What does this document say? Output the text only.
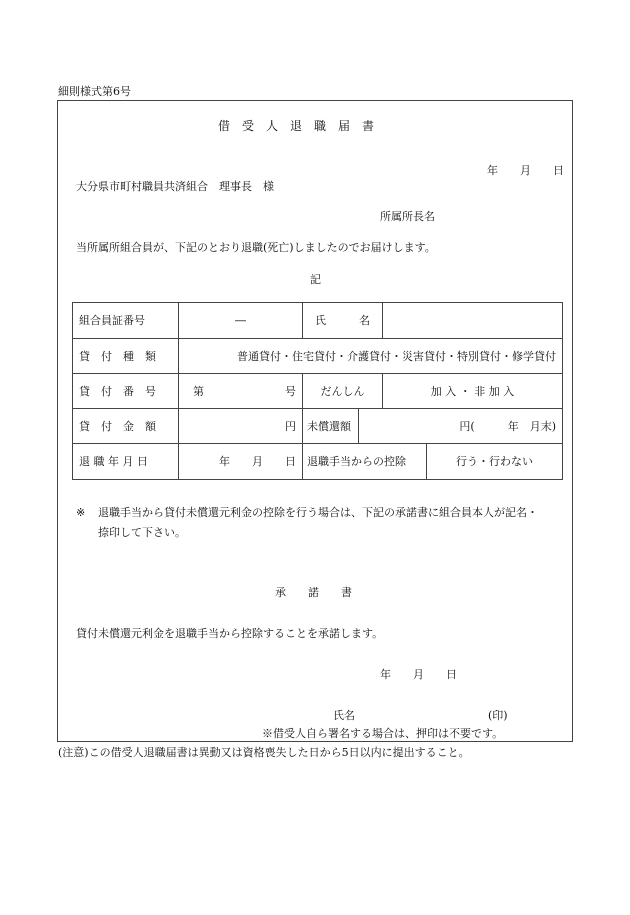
細則様式第6号
借　受　人　退　職　届　書
年　　月　　日
大分県市町村職員共済組合　理事長　様
所属所長名
当所属所組合員が、下記のとおり退職(死亡)しましたのでお届けします。
記
組合員証番号	―	氏　　　名			
貸　付　種　類	普通貸付・住宅貸付・介護貸付・災害貸付・特別貸付・修学貸付				
貸　付　番　号	第 号	だんしん		加 入 ・ 非 加 入	
貸　付　金　額	円	未償還額	円(　　　年　月末)		
退 職 年 月 日	年　　月　　日	退職手当からの控除			行う・行わない
※ 退職手当から貸付未償還元利金の控除を行う場合は、下記の承諾書に組合員本人が記名・
捺印して下さい。
承　　諾　　書
貸付未償還元利金を退職手当から控除することを承諾します。
年　　月　　日
氏名	(印)
※借受人自ら署名する場合は、押印は不要です。
(注意)この借受人退職届書は異動又は資格喪失した日から5日以内に提出すること。
